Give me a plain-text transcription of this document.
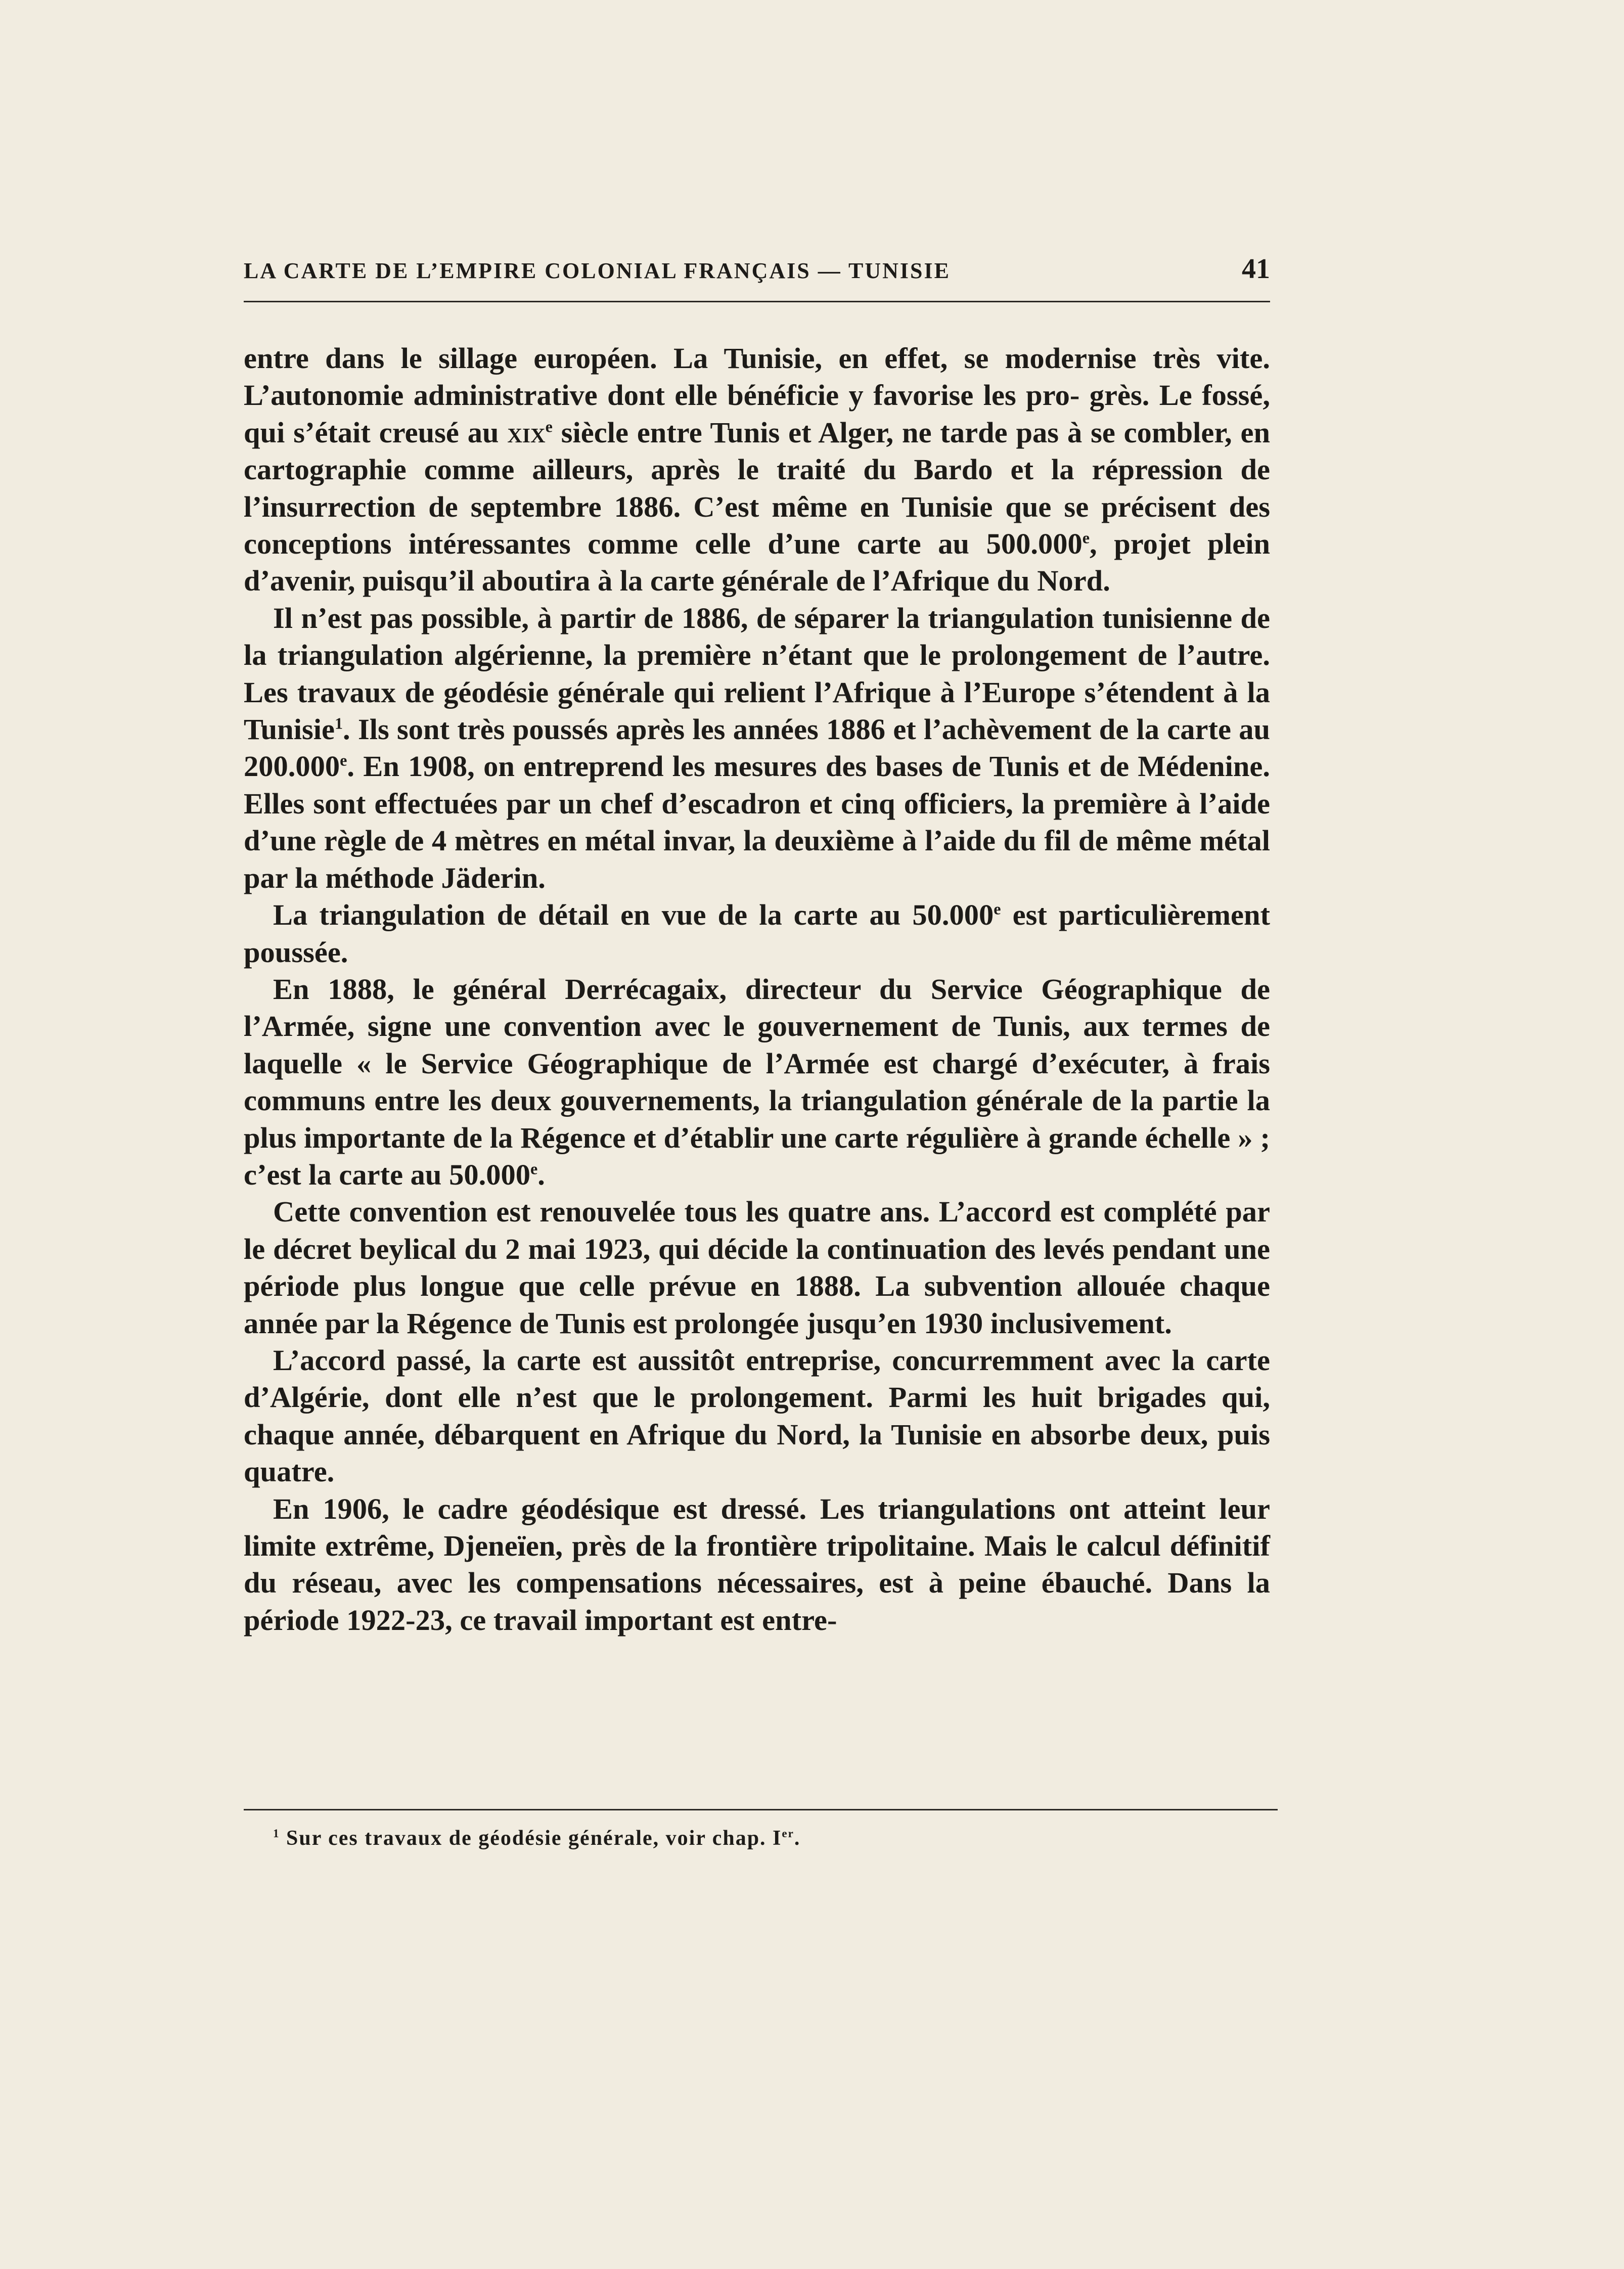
LA CARTE DE L’EMPIRE COLONIAL FRANÇAIS — TUNISIE	41

entre dans le sillage européen. La Tunisie, en effet, se modernise très vite. L’autonomie administrative dont elle bénéficie y favorise les pro- grès. Le fossé, qui s’était creusé au xix$^e$ siècle entre Tunis et Alger, ne tarde pas à se combler, en cartographie comme ailleurs, après le traité du Bardo et la répression de l’insurrection de septembre 1886. C’est même en Tunisie que se précisent des conceptions intéressantes comme celle d’une carte au 500.000e, projet plein d’avenir, puisqu’il aboutira à la carte générale de l’Afrique du Nord.

Il n’est pas possible, à partir de 1886, de séparer la triangulation tunisienne de la triangulation algérienne, la première n’étant que le prolongement de l’autre. Les travaux de géodésie générale qui relient l’Afrique à l’Europe s’étendent à la Tunisie$^1$. Ils sont très poussés après les années 1886 et l’achèvement de la carte au 200.000e. En 1908, on entreprend les mesures des bases de Tunis et de Médenine. Elles sont effectuées par un chef d’escadron et cinq officiers, la première à l’aide d’une règle de 4 mètres en métal invar, la deuxième à l’aide du fil de même métal par la méthode Jäderin.

La triangulation de détail en vue de la carte au 50.000e est particulièrement poussée.

En 1888, le général Derrécagaix, directeur du Service Géographique de l’Armée, signe une convention avec le gouvernement de Tunis, aux termes de laquelle « le Service Géographique de l’Armée est chargé d’exécuter, à frais communs entre les deux gouvernements, la triangulation générale de la partie la plus importante de la Régence et d’établir une carte régulière à grande échelle » ; c’est la carte au 50.000e.

Cette convention est renouvelée tous les quatre ans. L’accord est complété par le décret beylical du 2 mai 1923, qui décide la continuation des levés pendant une période plus longue que celle prévue en 1888. La subvention allouée chaque année par la Régence de Tunis est prolongée jusqu’en 1930 inclusivement.

L’accord passé, la carte est aussitôt entreprise, concurremment avec la carte d’Algérie, dont elle n’est que le prolongement. Parmi les huit brigades qui, chaque année, débarquent en Afrique du Nord, la Tunisie en absorbe deux, puis quatre.

En 1906, le cadre géodésique est dressé. Les triangulations ont atteint leur limite extrême, Djeneïen, près de la frontière tripolitaine. Mais le calcul définitif du réseau, avec les compensations nécessaires, est à peine ébauché. Dans la période 1922-23, ce travail important est entre-

$^1$ Sur ces travaux de géodésie générale, voir chap. Ier.
